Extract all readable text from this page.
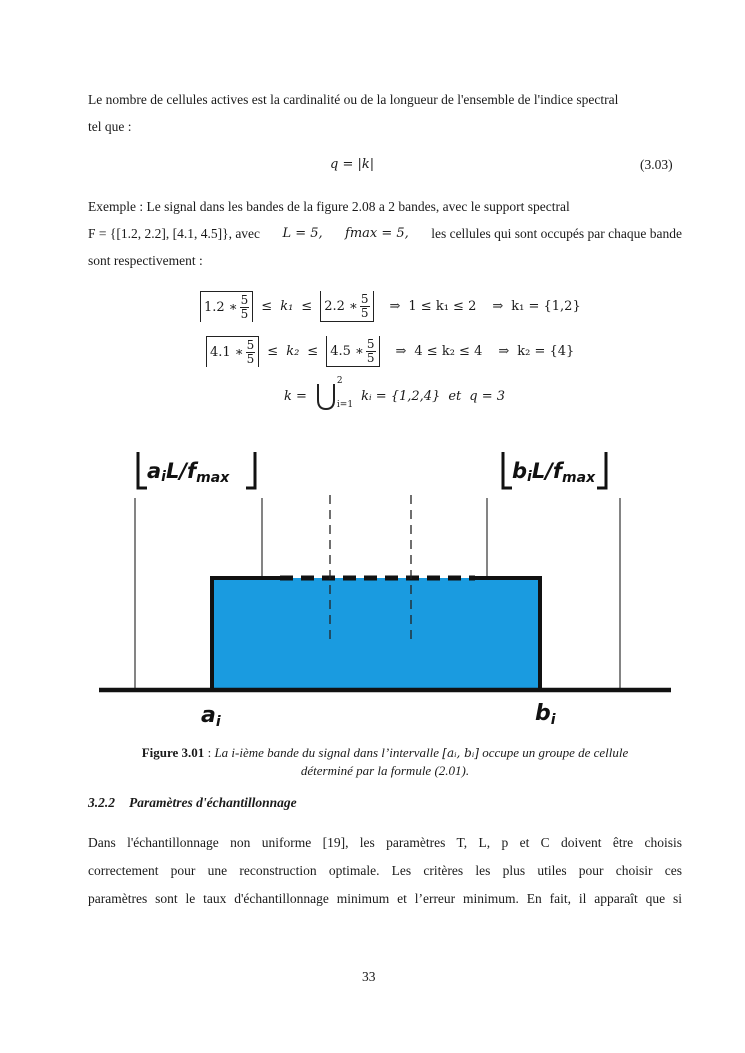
Le nombre de cellules actives est la cardinalité ou de la longueur de l'ensemble de l'indice spectral
tel que :
q = |k|	(3.03)
Exemple : Le signal dans les bandes de la figure 2.08 a 2 bandes, avec le support spectral
F = {[1.2, 2.2], [4.1, 4.5]}, avec L = 5, fmax = 5, les cellules qui sont occupés par chaque bande
sont respectivement :
1.2 ∗ $\frac{5}{5} \le k_1 \le 2.2$ ∗ $\frac{5}{5}$ ⇒ 1 ≤ k₁ ≤ 2 ⇒ k₁ = {1,2}
4.1 ∗ $\frac{5}{5} \le k_2 \le 4.5$ ∗ $\frac{5}{5}$ ⇒ 4 ≤ k₂ ≤ 4 ⇒ k₂ = {4}
k =
2
i=1
kᵢ = {1,2,4} et q = 3
aiL/fmax	biL/fmax
ai	bi
Figure 3.01 : La i-ième bande du signal dans l’intervalle [aᵢ, bᵢ] occupe un groupe de cellule
déterminé par la formule (2.01).
3.2.2 Paramètres d'échantillonnage
Dans l'échantillonnage non uniforme [19], les paramètres T, L, p et C doivent être choisis
correctement pour une reconstruction optimale. Les critères les plus utiles pour choisir ces
paramètres sont le taux d'échantillonnage minimum et l’erreur minimum. En fait, il apparaît que si
33
